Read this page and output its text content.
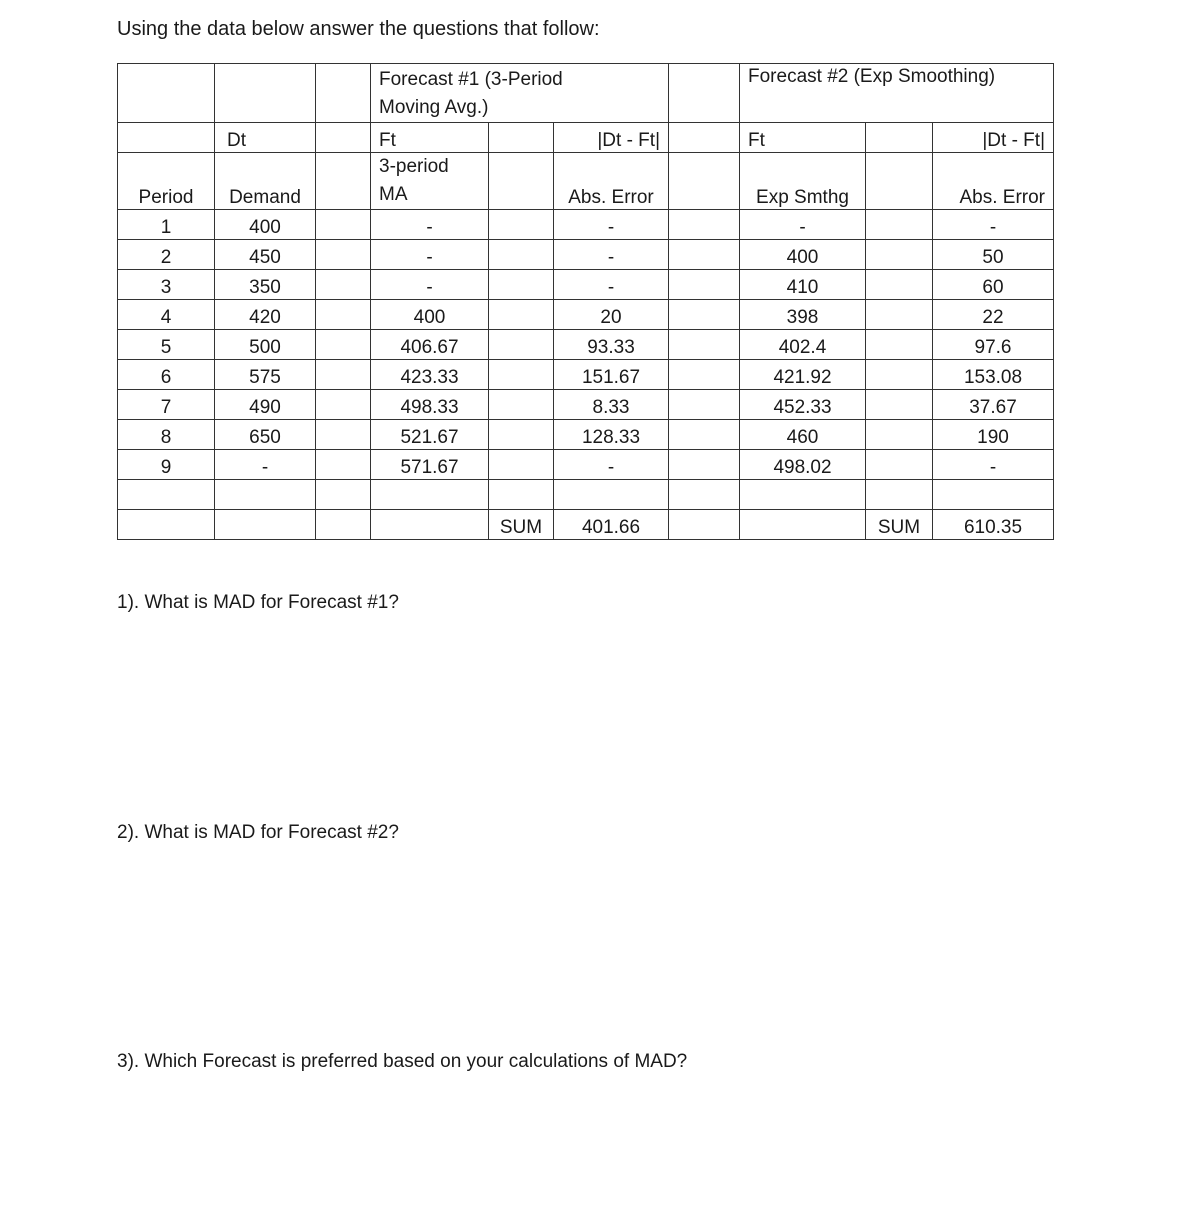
Using the data below answer the questions that follow:
			Forecast #1 (3-Period Moving Avg.)				Forecast #2 (Exp Smoothing)		
	Dt		Ft		|Dt - Ft|		Ft		|Dt - Ft|
Period	Demand		3-period MA		Abs. Error		Exp Smthg		Abs. Error
1	400		-		-		-		-
2	450		-		-		400		50
3	350		-		-		410		60
4	420		400		20		398		22
5	500		406.67		93.33		402.4		97.6
6	575		423.33		151.67		421.92		153.08
7	490		498.33		8.33		452.33		37.67
8	650		521.67		128.33		460		190
9	-		571.67		-		498.02		-

				SUM	401.66			SUM	610.35
1). What is MAD for Forecast #1?
2). What is MAD for Forecast #2?
3). Which Forecast is preferred based on your calculations of MAD?
